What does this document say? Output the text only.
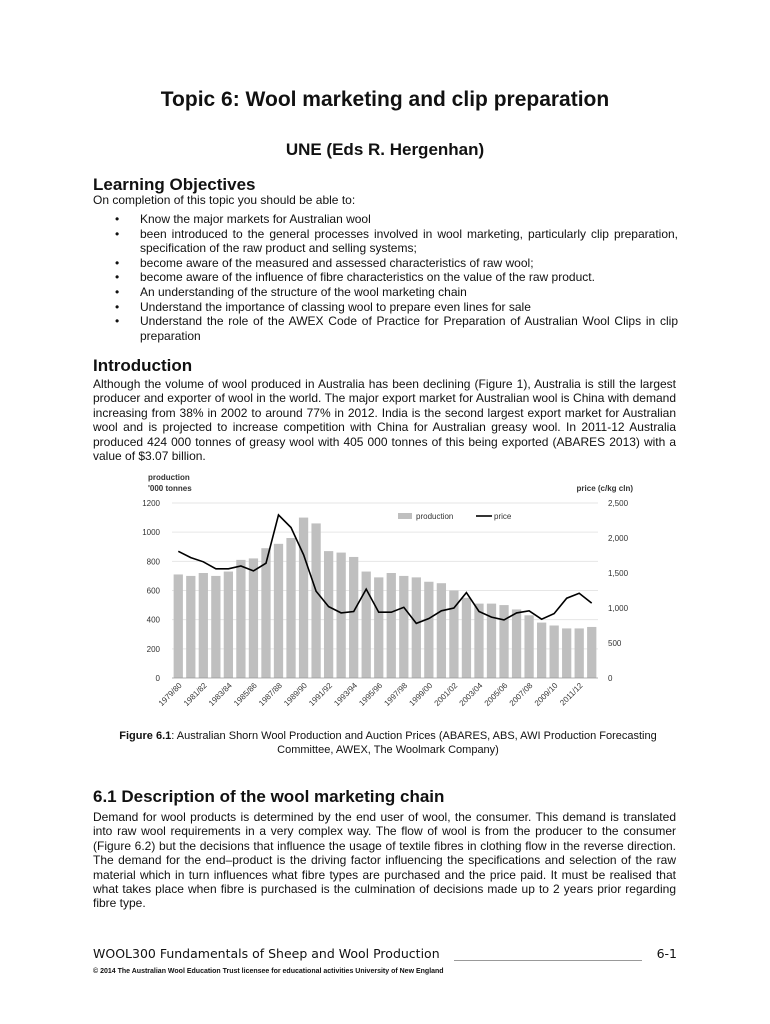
Topic 6: Wool marketing and clip preparation
UNE (Eds R. Hergenhan)
Learning Objectives
On completion of this topic you should be able to:
• Know the major markets for Australian wool
• been introduced to the general processes involved in wool marketing, particularly clip preparation, specification of the raw product and selling systems;
• become aware of the measured and assessed characteristics of raw wool;
• become aware of the influence of fibre characteristics on the value of the raw product.
• An understanding of the structure of the wool marketing chain
• Understand the importance of classing wool to prepare even lines for sale
• Understand the role of the AWEX Code of Practice for Preparation of Australian Wool Clips in clip preparation
Introduction
Although the volume of wool produced in Australia has been declining (Figure 1), Australia is still the largest producer and exporter of wool in the world. The major export market for Australian wool is China with demand increasing from 38% in 2002 to around 77% in 2012. India is the second largest export market for Australian wool and is projected to increase competition with China for Australian greasy wool. In 2011-12 Australia produced 424 000 tonnes of greasy wool with 405 000 tonnes of this being exported (ABARES 2013) with a value of $3.07 billion.
0
200
400
600
800
1000
1200
0
500
1,000
1,500
2,000
2,500
production
'000 tonnes	price (c/kg cln)
production	price
1979/80
1981/82
1983/84
1985/86
1987/88
1989/90
1991/92
1993/94
1995/96
1997/98
1999/00
2001/02
2003/04
2005/06
2007/08
2009/10
2011/12
Figure 6.1: Australian Shorn Wool Production and Auction Prices (ABARES, ABS, AWI Production Forecasting Committee, AWEX, The Woolmark Company)
6.1 Description of the wool marketing chain
Demand for wool products is determined by the end user of wool, the consumer. This demand is translated into raw wool requirements in a very complex way. The flow of wool is from the producer to the consumer (Figure 6.2) but the decisions that influence the usage of textile fibres in clothing flow in the reverse direction. The demand for the end–product is the driving factor influencing the specifications and selection of the raw material which in turn influences what fibre types are purchased and the price paid. It must be realised that what takes place when fibre is purchased is the culmination of decisions made up to 2 years prior regarding fibre type.
WOOL300 Fundamentals of Sheep and Wool Production	6-1
© 2014 The Australian Wool Education Trust licensee for educational activities University of New England
